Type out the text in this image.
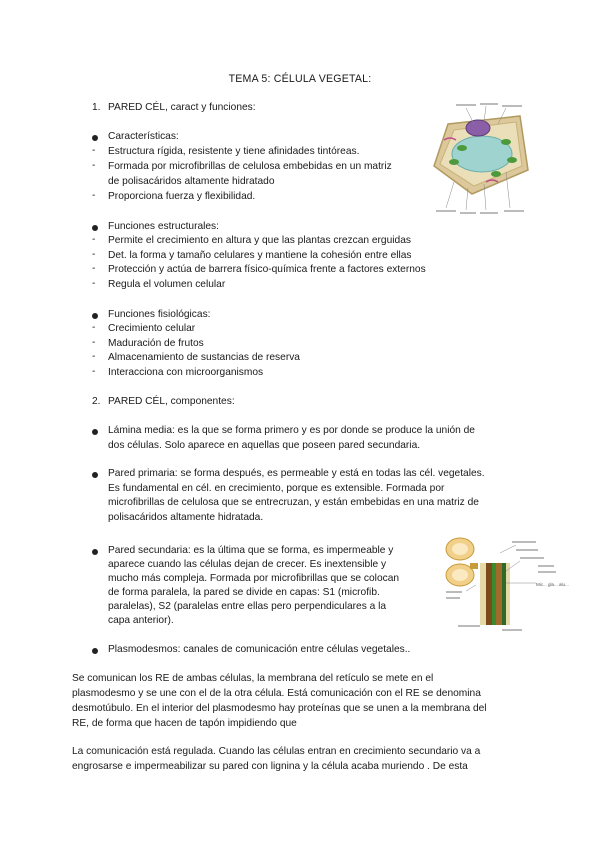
TEMA 5: CÉLULA VEGETAL:
1. PARED CÉL, caract y funciones:
Características:
- Estructura rígida, resistente y tiene afinidades tintóreas.
- Formada por microfibrillas de celulosa embebidas en un matriz
de polisacáridos altamente hidratado
- Proporciona fuerza y flexibilidad.
Funciones estructurales:
- Permite el crecimiento en altura y que las plantas crezcan erguidas
- Det. la forma y tamaño celulares y mantiene la cohesión entre ellas
- Protección y actúa de barrera físico-química frente a factores externos
- Regula el volumen celular
Funciones fisiológicas:
- Crecimiento celular
- Maduración de frutos
- Almacenamiento de sustancias de reserva
- Interacciona con microorganismos
2. PARED CÉL, componentes:
Lámina media: es la que se forma primero y es por donde se produce la unión de
dos células. Solo aparece en aquellas que poseen pared secundaria.
Pared primaria: se forma después, es permeable y está en todas las cél. vegetales.
Es fundamental en cél. en crecimiento, porque es extensible. Formada por
microfibrillas de celulosa que se entrecruzan, y están embebidas en una matriz de
polisacáridos altamente hidratada.
Pared secundaria: es la última que se forma, es impermeable y
aparece cuando las células dejan de crecer. Es inextensible y
mucho más compleja. Formada por microfibrillas que se colocan
de forma paralela, la pared se divide en capas: S1 (microfib.
paralelas), S2 (paralelas entre ellas pero perpendiculares a la
capa anterior).
Plasmodesmos: canales de comunicación entre células vegetales..
Se comunican los RE de ambas células, la membrana del retículo se mete en el
plasmodesmo y se une con el de la otra célula. Está comunicación con el RE se denomina
desmotúbulo. En el interior del plasmodesmo hay proteínas que se unen a la membrana del
RE, de forma que hacen de tapón impidiendo que
La comunicación está regulada. Cuando las células entran en crecimiento secundario va a
engrosarse e impermeabilizar su pared con lignina y la célula acaba muriendo . De esta
Mic... gla... alu...
